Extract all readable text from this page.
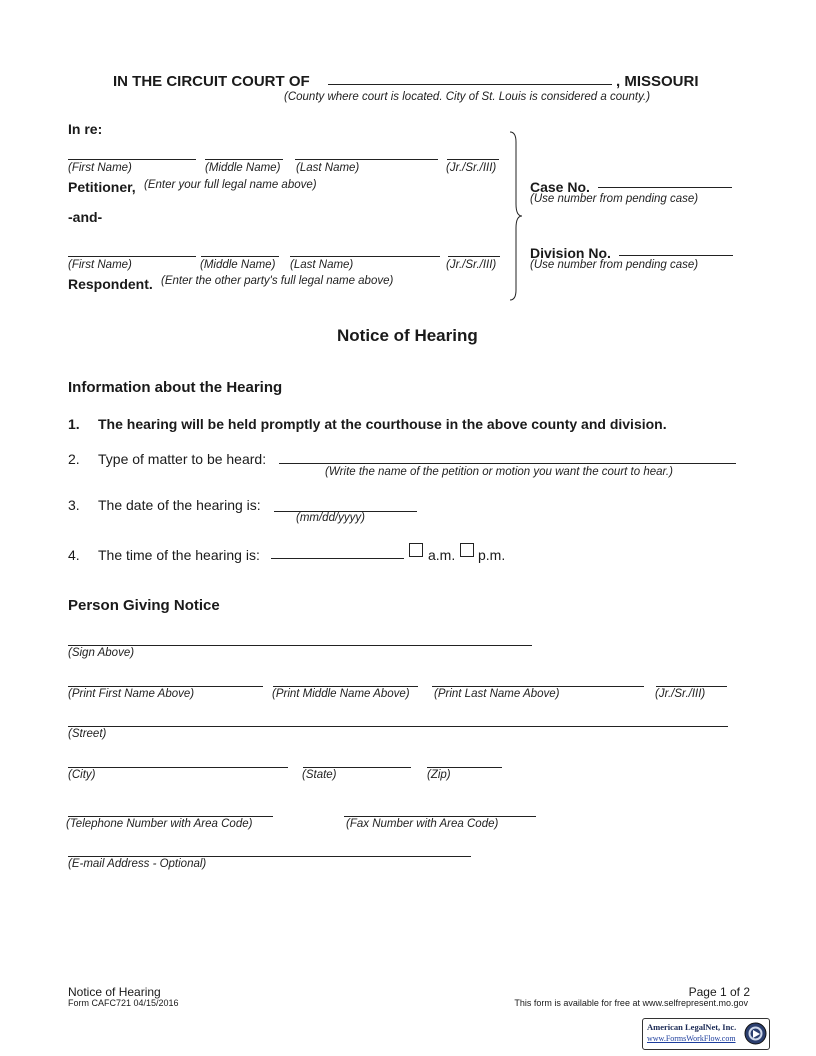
IN THE CIRCUIT COURT OF	, MISSOURI
(County where court is located. City of St. Louis is considered a county.)
In re:
(First Name)	(Middle Name) (Last Name)	(Jr./Sr./III)
Petitioner, (Enter your full legal name above)
-and-
(First Name)	(Middle Name) (Last Name)	(Jr./Sr./III)
Respondent. (Enter the other party's full legal name above)
Case No.
(Use number from pending case)
Division No.
(Use number from pending case)
Notice of Hearing
Information about the Hearing
1. The hearing will be held promptly at the courthouse in the above county and division.
2. Type of matter to be heard:
(Write the name of the petition or motion you want the court to hear.)
3. The date of the hearing is:
(mm/dd/yyyy)
4. The time of the hearing is:	a.m. p.m.
Person Giving Notice
(Sign Above)
(Print First Name Above)	(Print Middle Name Above) (Print Last Name Above)	(Jr./Sr./III)
(Street)
(City)	(State)	(Zip)
(Telephone Number with Area Code)	(Fax Number with Area Code)
(E-mail Address - Optional)
Notice of Hearing
Form CAFC721 04/15/2016
Page 1 of 2
This form is available for free at www.selfrepresent.mo.gov
American LegalNet, Inc.
www.FormsWorkFlow.com
